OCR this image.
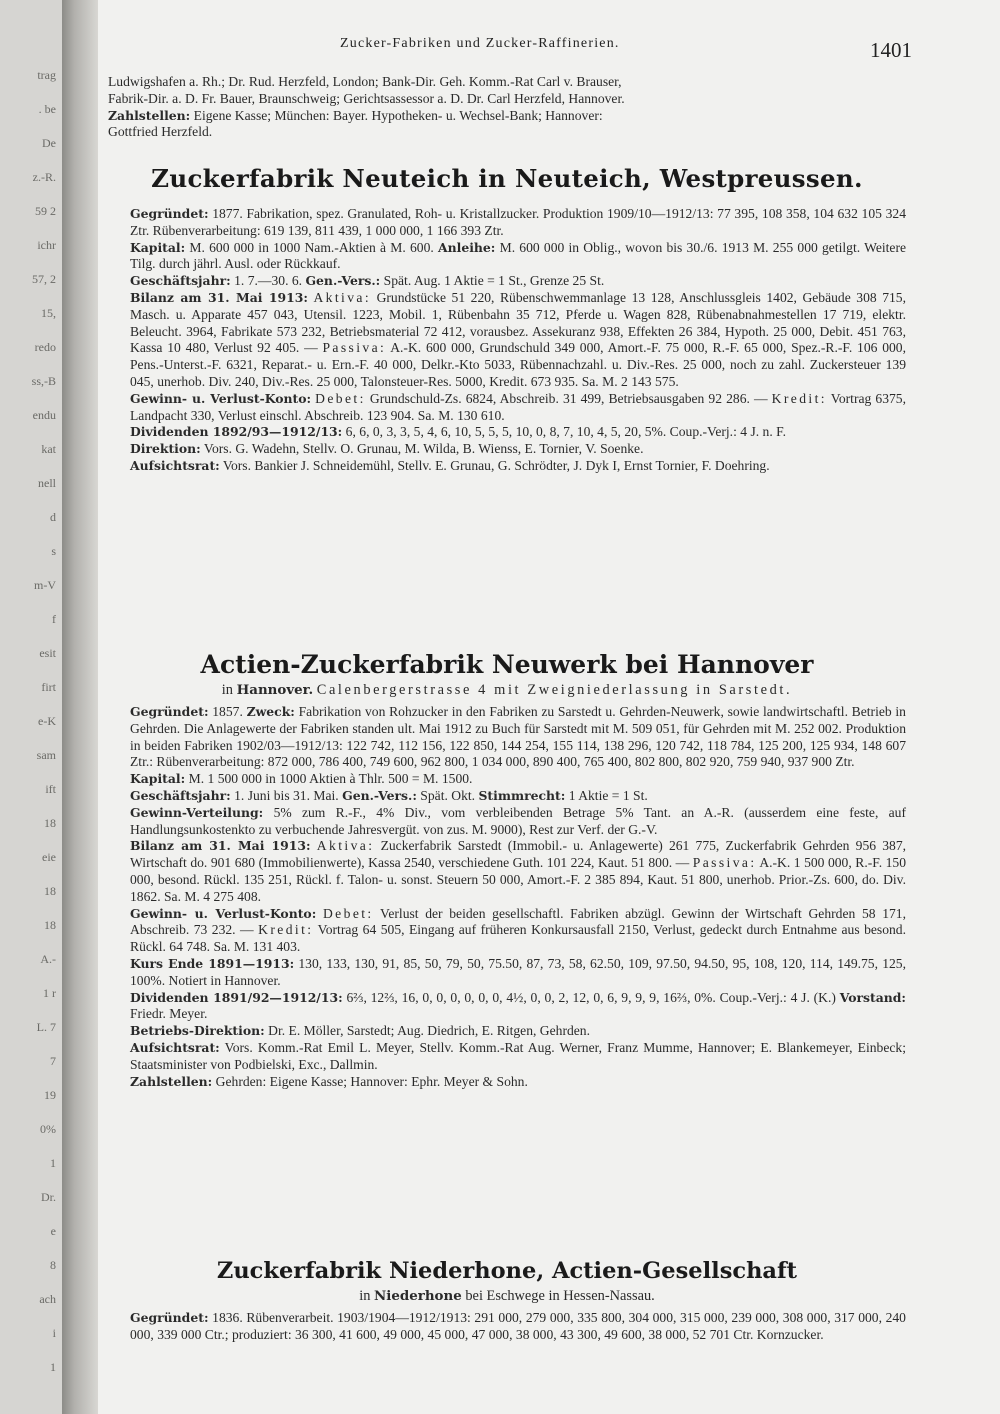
trag
. be
De
z.-R.
59 2
ichr
57, 2
15,
redo
ss,-B
endu
kat
nell
d
s
m-V
f
esit
firt
e-K
sam
ift
18
eie
18
18
A.-
1 r
L. 7
7
19
0%
1
Dr.
e
8
ach
i
1
Zucker-Fabriken und Zucker-Raffinerien.	1401

Ludwigshafen a. Rh.; Dr. Rud. Herzfeld, London; Bank-Dir. Geh. Komm.-Rat Carl v. Brauser,

Fabrik-Dir. a. D. Fr. Bauer, Braunschweig; Gerichtsassessor a. D. Dr. Carl Herzfeld, Hannover.

Zahlstellen: Eigene Kasse; München: Bayer. Hypotheken- u. Wechsel-Bank; Hannover:

Gottfried Herzfeld.

Zuckerfabrik Neuteich in Neuteich, Westpreussen.

Gegründet: 1877. Fabrikation, spez. Granulated, Roh- u. Kristallzucker. Produktion 1909/10—1912/13: 77 395, 108 358, 104 632 105 324 Ztr. Rübenverarbeitung: 619 139, 811 439, 1 000 000, 1 166 393 Ztr.

Kapital: M. 600 000 in 1000 Nam.-Aktien à M. 600. Anleihe: M. 600 000 in Oblig., wovon bis 30./6. 1913 M. 255 000 getilgt. Weitere Tilg. durch jährl. Ausl. oder Rückkauf.

Geschäftsjahr: 1. 7.—30. 6. Gen.-Vers.: Spät. Aug. 1 Aktie = 1 St., Grenze 25 St.

Bilanz am 31. Mai 1913: Aktiva: Grundstücke 51 220, Rübenschwemmanlage 13 128, Anschlussgleis 1402, Gebäude 308 715, Masch. u. Apparate 457 043, Utensil. 1223, Mobil. 1, Rübenbahn 35 712, Pferde u. Wagen 828, Rübenabnahmestellen 17 719, elektr. Beleucht. 3964, Fabrikate 573 232, Betriebsmaterial 72 412, vorausbez. Assekuranz 938, Effekten 26 384, Hypoth. 25 000, Debit. 451 763, Kassa 10 480, Verlust 92 405. — Passiva: A.-K. 600 000, Grundschuld 349 000, Amort.-F. 75 000, R.-F. 65 000, Spez.-R.-F. 106 000, Pens.-Unterst.-F. 6321, Reparat.- u. Ern.-F. 40 000, Delkr.-Kto 5033, Rübennachzahl. u. Div.-Res. 25 000, noch zu zahl. Zuckersteuer 139 045, unerhob. Div. 240, Div.-Res. 25 000, Talonsteuer-Res. 5000, Kredit. 673 935. Sa. M. 2 143 575.

Gewinn- u. Verlust-Konto: Debet: Grundschuld-Zs. 6824, Abschreib. 31 499, Betriebsausgaben 92 286. — Kredit: Vortrag 6375, Landpacht 330, Verlust einschl. Abschreib. 123 904. Sa. M. 130 610.

Dividenden 1892/93—1912/13: 6, 6, 0, 3, 3, 5, 4, 6, 10, 5, 5, 5, 10, 0, 8, 7, 10, 4, 5, 20, 5%. Coup.-Verj.: 4 J. n. F.

Direktion: Vors. G. Wadehn, Stellv. O. Grunau, M. Wilda, B. Wienss, E. Tornier, V. Soenke.

Aufsichtsrat: Vors. Bankier J. Schneidemühl, Stellv. E. Grunau, G. Schrödter, J. Dyk I, Ernst Tornier, F. Doehring.

Actien-Zuckerfabrik Neuwerk bei Hannover
in Hannover. Calenbergerstrasse 4 mit Zweigniederlassung in Sarstedt.

Gegründet: 1857. Zweck: Fabrikation von Rohzucker in den Fabriken zu Sarstedt u. Gehrden-Neuwerk, sowie landwirtschaftl. Betrieb in Gehrden. Die Anlagewerte der Fabriken standen ult. Mai 1912 zu Buch für Sarstedt mit M. 509 051, für Gehrden mit M. 252 002. Produktion in beiden Fabriken 1902/03—1912/13: 122 742, 112 156, 122 850, 144 254, 155 114, 138 296, 120 742, 118 784, 125 200, 125 934, 148 607 Ztr.: Rübenverarbeitung: 872 000, 786 400, 749 600, 962 800, 1 034 000, 890 400, 765 400, 802 800, 802 920, 759 940, 937 900 Ztr.

Kapital: M. 1 500 000 in 1000 Aktien à Thlr. 500 = M. 1500.

Geschäftsjahr: 1. Juni bis 31. Mai. Gen.-Vers.: Spät. Okt. Stimmrecht: 1 Aktie = 1 St.

Gewinn-Verteilung: 5% zum R.-F., 4% Div., vom verbleibenden Betrage 5% Tant. an A.-R. (ausserdem eine feste, auf Handlungsunkostenkto zu verbuchende Jahresvergüt. von zus. M. 9000), Rest zur Verf. der G.-V.

Bilanz am 31. Mai 1913: Aktiva: Zuckerfabrik Sarstedt (Immobil.- u. Anlagewerte) 261 775, Zuckerfabrik Gehrden 956 387, Wirtschaft do. 901 680 (Immobilienwerte), Kassa 2540, verschiedene Guth. 101 224, Kaut. 51 800. — Passiva: A.-K. 1 500 000, R.-F. 150 000, besond. Rückl. 135 251, Rückl. f. Talon- u. sonst. Steuern 50 000, Amort.-F. 2 385 894, Kaut. 51 800, unerhob. Prior.-Zs. 600, do. Div. 1862. Sa. M. 4 275 408.

Gewinn- u. Verlust-Konto: Debet: Verlust der beiden gesellschaftl. Fabriken abzügl. Gewinn der Wirtschaft Gehrden 58 171, Abschreib. 73 232. — Kredit: Vortrag 64 505, Eingang auf früheren Konkursausfall 2150, Verlust, gedeckt durch Entnahme aus besond. Rückl. 64 748. Sa. M. 131 403.

Kurs Ende 1891—1913: 130, 133, 130, 91, 85, 50, 79, 50, 75.50, 87, 73, 58, 62.50, 109, 97.50, 94.50, 95, 108, 120, 114, 149.75, 125, 100%. Notiert in Hannover.

Dividenden 1891/92—1912/13: 6⅔, 12⅔, 16, 0, 0, 0, 0, 0, 0, 4½, 0, 0, 2, 12, 0, 6, 9, 9, 9, 16⅔, 0%. Coup.-Verj.: 4 J. (K.) Vorstand: Friedr. Meyer.

Betriebs-Direktion: Dr. E. Möller, Sarstedt; Aug. Diedrich, E. Ritgen, Gehrden.

Aufsichtsrat: Vors. Komm.-Rat Emil L. Meyer, Stellv. Komm.-Rat Aug. Werner, Franz Mumme, Hannover; E. Blankemeyer, Einbeck; Staatsminister von Podbielski, Exc., Dallmin.

Zahlstellen: Gehrden: Eigene Kasse; Hannover: Ephr. Meyer & Sohn.

Zuckerfabrik Niederhone, Actien-Gesellschaft
in Niederhone bei Eschwege in Hessen-Nassau.

Gegründet: 1836. Rübenverarbeit. 1903/1904—1912/1913: 291 000, 279 000, 335 800, 304 000, 315 000, 239 000, 308 000, 317 000, 240 000, 339 000 Ctr.; produziert: 36 300, 41 600, 49 000, 45 000, 47 000, 38 000, 43 300, 49 600, 38 000, 52 701 Ctr. Kornzucker.
